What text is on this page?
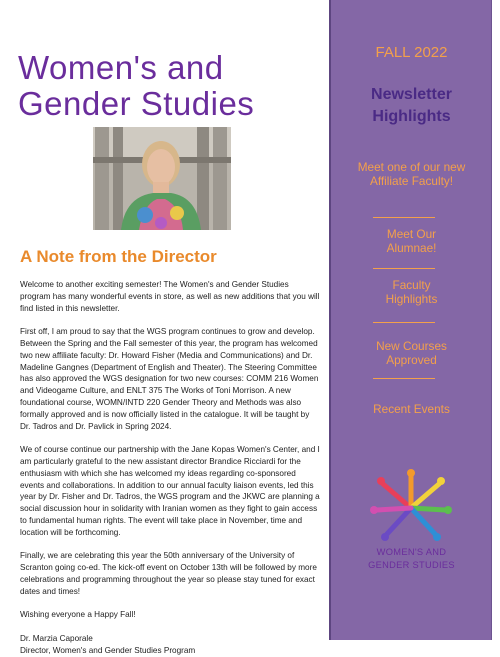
Women's and Gender Studies
A Note from the Director

Welcome to another exciting semester! The Women's and Gender Studies program has many wonderful events in store, as well as new additions that you will find listed in this newsletter.

First off, I am proud to say that the WGS program continues to grow and develop. Between the Spring and the Fall semester of this year, the program has welcomed two new affiliate faculty: Dr. Howard Fisher (Media and Communications) and Dr. Madeline Gangnes (Department of English and Theater). The Steering Committee has also approved the WGS designation for two new courses: COMM 216 Women and Videogame Culture, and ENLT 375 The Works of Toni Morrison. A new foundational course, WOMN/INTD 220 Gender Theory and Methods was also formally approved and is now officially listed in the catalogue. It will be taught by Dr. Tadros and Dr. Pavlick in Spring 2024.

We of course continue our partnership with the Jane Kopas Women's Center, and I am particularly grateful to the new assistant director Brandice Ricciardi for the enthusiasm with which she has welcomed my ideas regarding co-sponsored events and collaborations. In addition to our annual faculty liaison events, led this year by Dr. Fisher and Dr. Tadros, the WGS program and the JKWC are planning a social discussion hour in solidarity with Iranian women as they fight to gain access to fundamental human rights. The event will take place in November, time and location will be forthcoming.

Finally, we are celebrating this year the 50th anniversary of the University of Scranton going co-ed. The kick-off event on October 13th will be followed by more celebrations and programming throughout the year so please stay tuned for exact dates and times!

Wishing everyone a Happy Fall!

Dr. Marzia Caporale

Director, Women's and Gender Studies Program

FALL 2022
Newsletter Highlights
Meet one of our new Affiliate Faculty!
Meet Our Alumnae!
Faculty Highlights
New Courses Approved
Recent Events
WOMEN'S AND GENDER STUDIES
